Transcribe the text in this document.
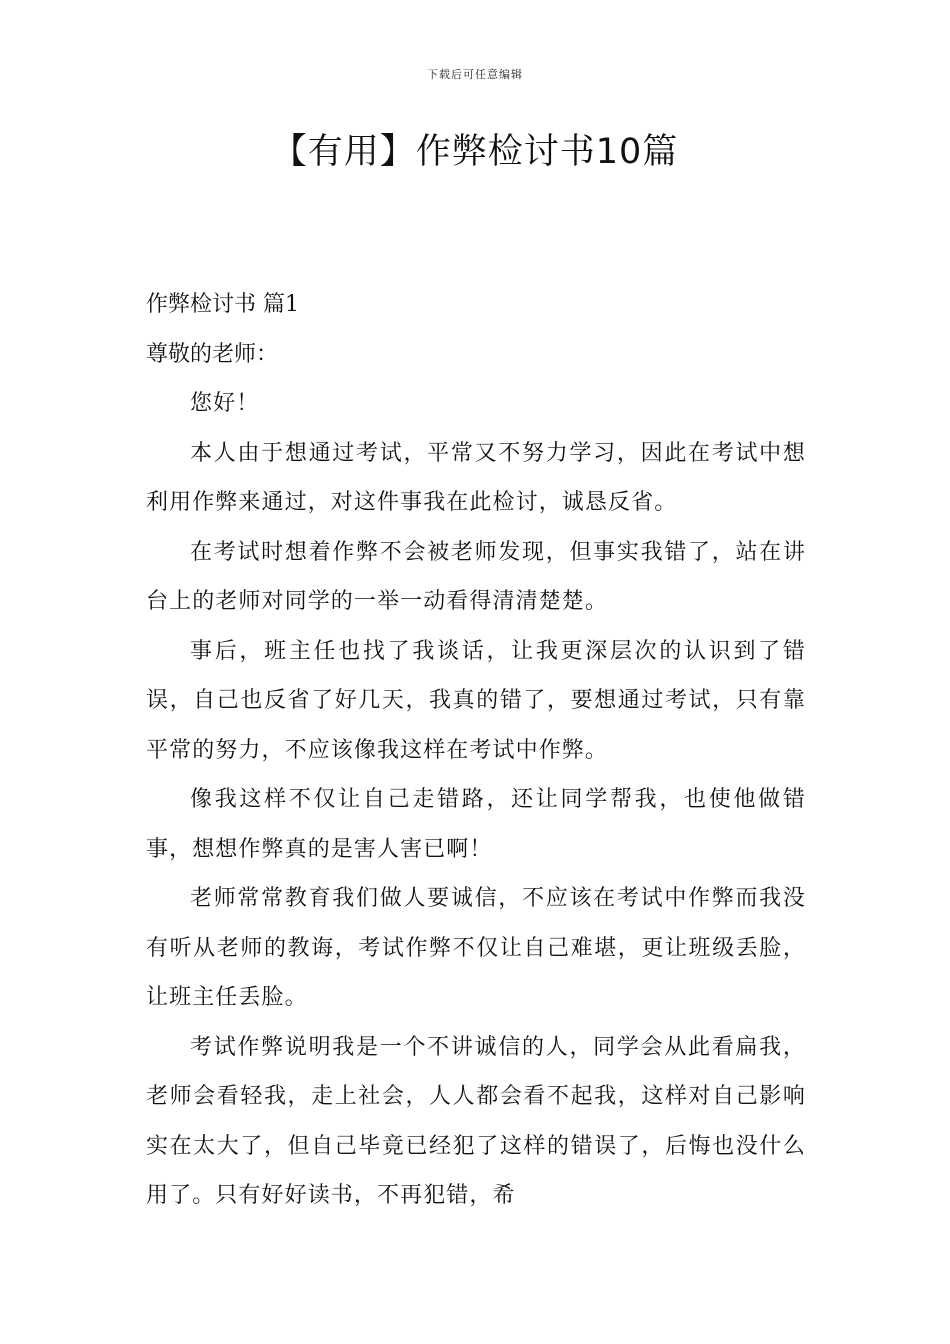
下载后可任意编辑
【有用】作弊检讨书10篇

作弊检讨书 篇1

尊敬的老师：

您好！

本人由于想通过考试，平常又不努力学习，因此在考试中想利用作弊来通过，对这件事我在此检讨，诚恳反省。

在考试时想着作弊不会被老师发现，但事实我错了，站在讲台上的老师对同学的一举一动看得清清楚楚。

事后，班主任也找了我谈话，让我更深层次的认识到了错误，自己也反省了好几天，我真的错了，要想通过考试，只有靠平常的努力，不应该像我这样在考试中作弊。

像我这样不仅让自己走错路，还让同学帮我，也使他做错事，想想作弊真的是害人害已啊！

老师常常教育我们做人要诚信，不应该在考试中作弊而我没有听从老师的教诲，考试作弊不仅让自己难堪，更让班级丢脸，让班主任丢脸。

考试作弊说明我是一个不讲诚信的人，同学会从此看扁我，老师会看轻我，走上社会，人人都会看不起我，这样对自己影响实在太大了，但自己毕竟已经犯了这样的错误了，后悔也没什么用了。只有好好读书，不再犯错，希
